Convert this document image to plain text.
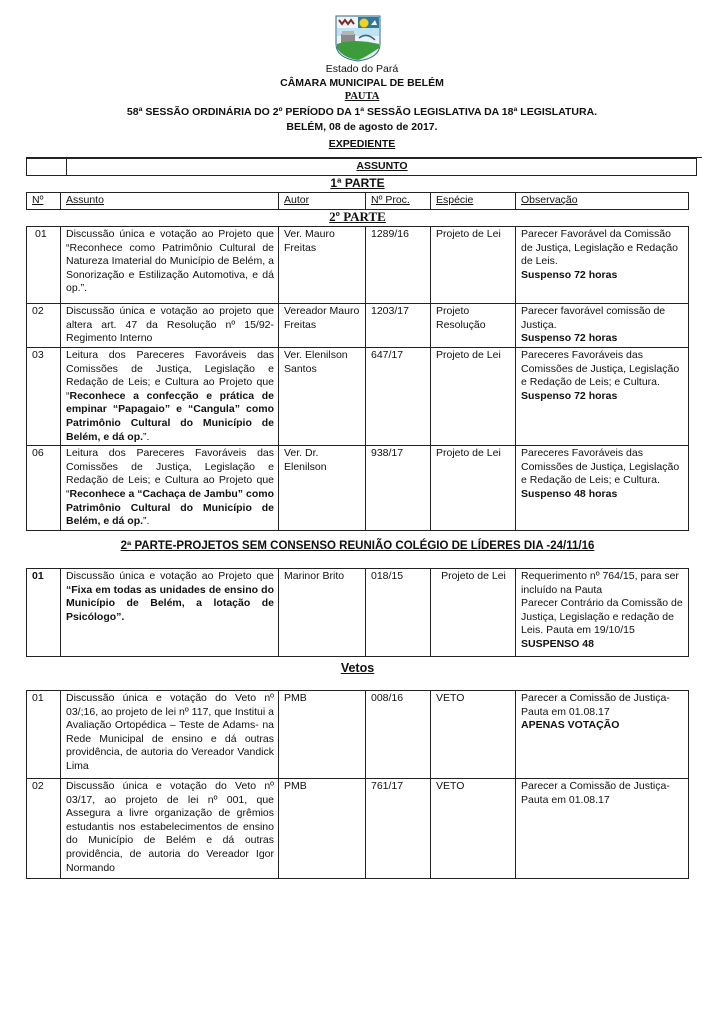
Estado do Pará
CÂMARA MUNICIPAL DE BELÉM
PAUTA
58ª SESSÃO ORDINÁRIA DO 2º PERÍODO DA 1ª SESSÃO LEGISLATIVA DA 18ª LEGISLATURA.
BELÉM, 08 de agosto de 2017.
EXPEDIENTE
	ASSUNTO
1ª PARTE
Nº	Assunto	Autor	Nº Proc.	Espécie	Observação
2º PARTE
01	Discussão única e votação ao Projeto que “Reconhece como Patrimônio Cultural de Natureza Imaterial do Município de Belém, a Sonorização e Estilização Automotiva, e dá op.”.	Ver. Mauro Freitas	1289/16	Projeto de Lei	Parecer Favorável da Comissão de Justiça, Legislação e Redação de Leis.
Suspenso 72 horas
02	Discussão única e votação ao projeto que altera art. 47 da Resolução nº 15/92-Regimento Interno	Vereador Mauro Freitas	1203/17	Projeto Resolução	Parecer favorável comissão de Justiça.
Suspenso 72 horas
03	Leitura dos Pareceres Favoráveis das Comissões de Justiça, Legislação e Redação de Leis; e Cultura ao Projeto que “Reconhece a confecção e prática de empinar “Papagaio” e “Cangula” como Patrimônio Cultural do Município de Belém, e dá op.”.	Ver. Elenilson Santos	647/17	Projeto de Lei	Pareceres Favoráveis das Comissões de Justiça, Legislação e Redação de Leis; e Cultura.
Suspenso 72 horas
06	Leitura dos Pareceres Favoráveis das Comissões de Justiça, Legislação e Redação de Leis; e Cultura ao Projeto que “Reconhece a “Cachaça de Jambu” como Patrimônio Cultural do Município de Belém, e dá op.”.	Ver. Dr. Elenilson	938/17	Projeto de Lei	Pareceres Favoráveis das Comissões de Justiça, Legislação e Redação de Leis; e Cultura.
Suspenso 48 horas
2ª PARTE-PROJETOS SEM CONSENSO REUNIÃO COLÉGIO DE LÍDERES DIA -24/11/16
01	Discussão única e votação ao Projeto que “Fixa em todas as unidades de ensino do Município de Belém, a lotação de Psicólogo”.	Marinor Brito	018/15	Projeto de Lei	Requerimento nº 764/15, para ser incluído na Pauta
Parecer Contrário da Comissão de Justiça, Legislação e redação de Leis. Pauta em 19/10/15
SUSPENSO 48
Vetos
01	Discussão única e votação do Veto nº 03/;16, ao projeto de lei nº 117, que Institui a Avaliação Ortopédica – Teste de Adams- na Rede Municipal de ensino e dá outras providência, de autoria do Vereador Vandick Lima	PMB	008/16	VETO	Parecer a Comissão de Justiça-Pauta em 01.08.17
APENAS VOTAÇÃO
02	Discussão única e votação do Veto nº 03/17, ao projeto de lei nº 001, que Assegura a livre organização de grêmios estudantis nos estabelecimentos de ensino do Município de Belém e dá outras providência, de autoria do Vereador Igor Normando	PMB	761/17	VETO	Parecer a Comissão de Justiça-Pauta em 01.08.17
